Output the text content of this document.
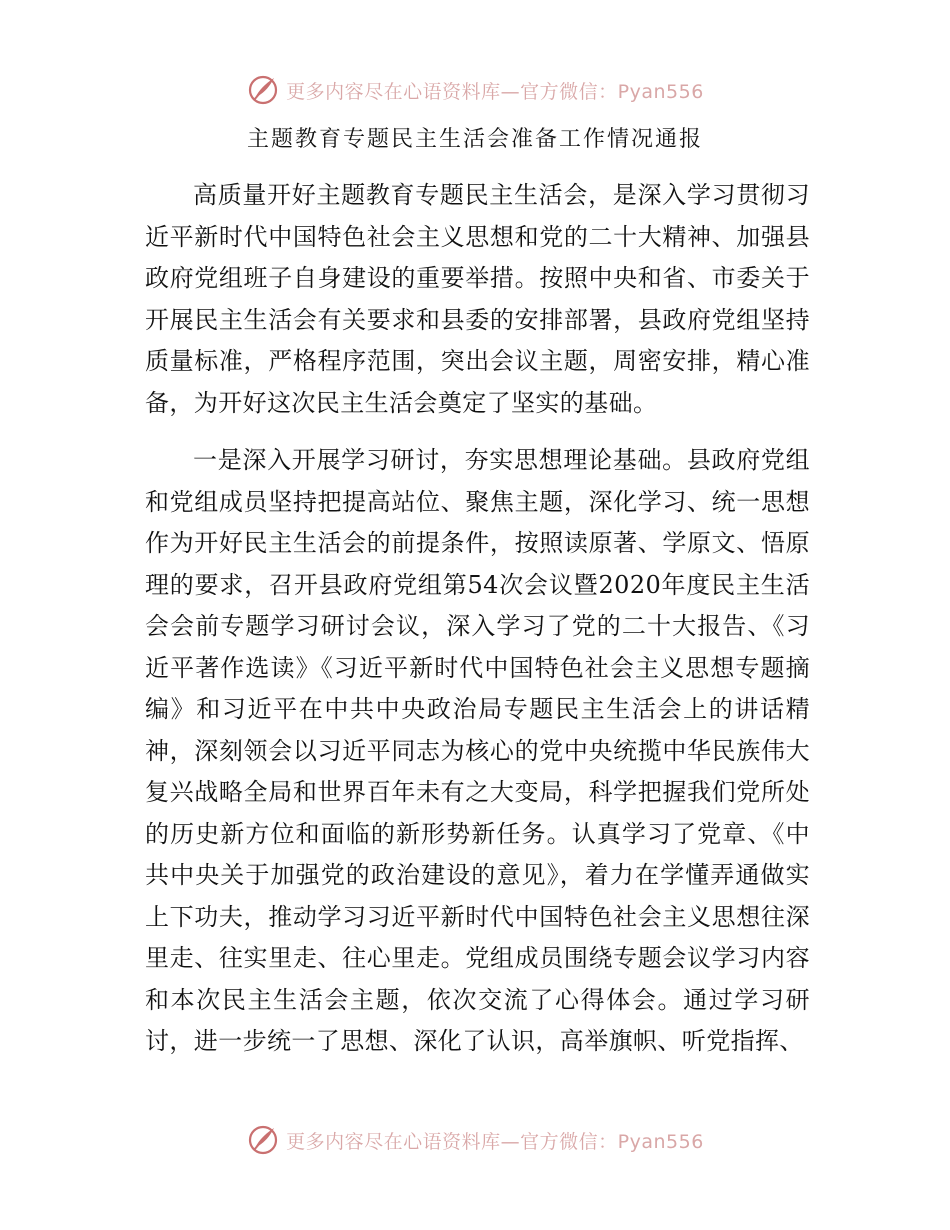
更多内容尽在心语资料库—官方微信：Pyan556
主题教育专题民主生活会准备工作情况通报

高质量开好主题教育专题民主生活会，是深入学习贯彻习近平新时代中国特色社会主义思想和党的二十大精神、加强县政府党组班子自身建设的重要举措。按照中央和省、市委关于开展民主生活会有关要求和县委的安排部署，县政府党组坚持质量标准，严格程序范围，突出会议主题，周密安排，精心准备，为开好这次民主生活会奠定了坚实的基础。

一是深入开展学习研讨，夯实思想理论基础。县政府党组和党组成员坚持把提高站位、聚焦主题，深化学习、统一思想作为开好民主生活会的前提条件，按照读原著、学原文、悟原理的要求，召开县政府党组第54次会议暨2020年度民主生活会会前专题学习研讨会议，深入学习了党的二十大报告、《习近平著作选读》《习近平新时代中国特色社会主义思想专题摘编》和习近平在中共中央政治局专题民主生活会上的讲话精神，深刻领会以习近平同志为核心的党中央统揽中华民族伟大复兴战略全局和世界百年未有之大变局，科学把握我们党所处的历史新方位和面临的新形势新任务。认真学习了党章、《中共中央关于加强党的政治建设的意见》，着力在学懂弄通做实上下功夫，推动学习习近平新时代中国特色社会主义思想往深里走、往实里走、往心里走。党组成员围绕专题会议学习内容和本次民主生活会主题，依次交流了心得体会。通过学习研讨，进一步统一了思想、深化了认识，高举旗帜、听党指挥、

更多内容尽在心语资料库—官方微信：Pyan556
